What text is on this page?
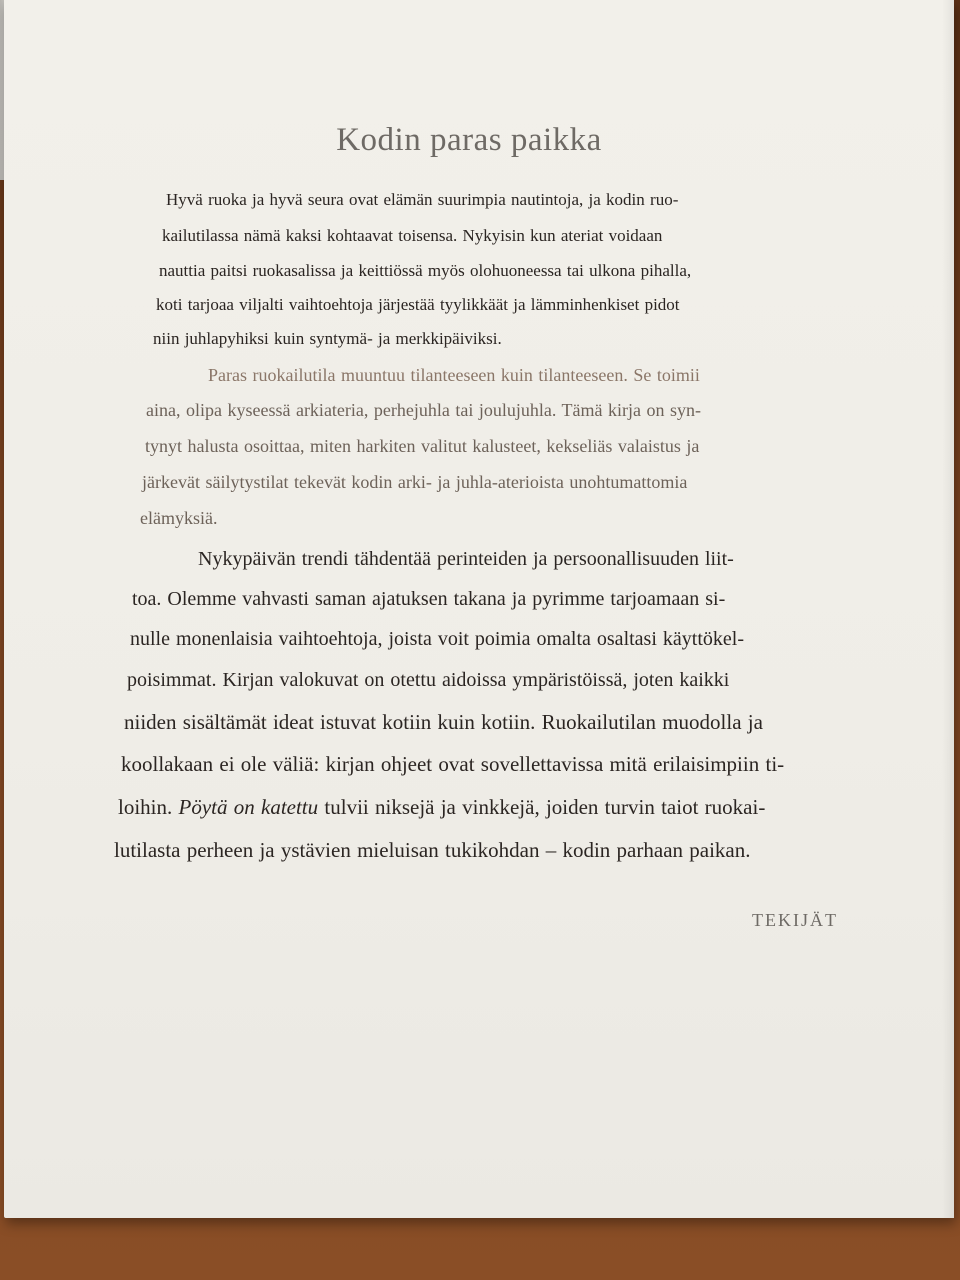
Kodin paras paikka
Hyvä ruoka ja hyvä seura ovat elämän suurimpia nautintoja, ja kodin ruo-
kailutilassa nämä kaksi kohtaavat toisensa. Nykyisin kun ateriat voidaan
nauttia paitsi ruokasalissa ja keittiössä myös olohuoneessa tai ulkona pihalla,
koti tarjoaa viljalti vaihtoehtoja järjestää tyylikkäät ja lämminhenkiset pidot
niin juhlapyhiksi kuin syntymä- ja merkkipäiviksi.
Paras ruokailutila muuntuu tilanteeseen kuin tilanteeseen. Se toimii
aina, olipa kyseessä arkiateria, perhejuhla tai joulujuhla. Tämä kirja on syn-
tynyt halusta osoittaa, miten harkiten valitut kalusteet, kekseliäs valaistus ja
järkevät säilytystilat tekevät kodin arki- ja juhla-aterioista unohtumattomia
elämyksiä.
Nykypäivän trendi tähdentää perinteiden ja persoonallisuuden liit-
toa. Olemme vahvasti saman ajatuksen takana ja pyrimme tarjoamaan si-
nulle monenlaisia vaihtoehtoja, joista voit poimia omalta osaltasi käyttökel-
poisimmat. Kirjan valokuvat on otettu aidoissa ympäristöissä, joten kaikki
niiden sisältämät ideat istuvat kotiin kuin kotiin. Ruokailutilan muodolla ja
koollakaan ei ole väliä: kirjan ohjeet ovat sovellettavissa mitä erilaisimpiin ti-
loihin. Pöytä on katettu tulvii niksejä ja vinkkejä, joiden turvin taiot ruokai-
lutilasta perheen ja ystävien mieluisan tukikohdan – kodin parhaan paikan.
TEKIJÄT
